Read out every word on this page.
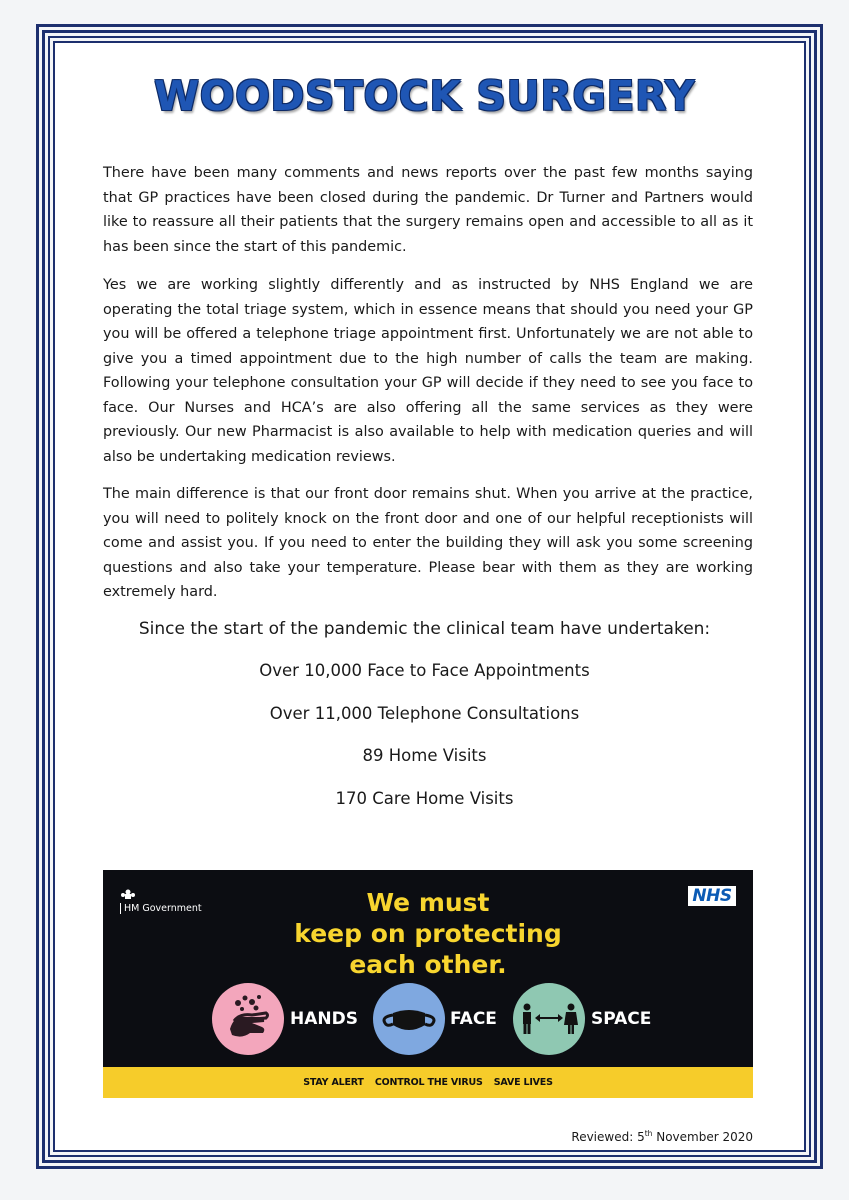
WOODSTOCK SURGERY

There have been many comments and news reports over the past few months saying that GP practices have been closed during the pandemic. Dr Turner and Partners would like to reassure all their patients that the surgery remains open and accessible to all as it has been since the start of this pandemic.

Yes we are working slightly differently and as instructed by NHS England we are operating the total triage system, which in essence means that should you need your GP you will be offered a telephone triage appointment first. Unfortunately we are not able to give you a timed appointment due to the high number of calls the team are making. Following your telephone consultation your GP will decide if they need to see you face to face. Our Nurses and HCA’s are also offering all the same services as they were previously. Our new Pharmacist is also available to help with medication queries and will also be undertaking medication reviews.

The main difference is that our front door remains shut. When you arrive at the practice, you will need to politely knock on the front door and one of our helpful receptionists will come and assist you. If you need to enter the building they will ask you some screening questions and also take your temperature. Please bear with them as they are working extremely hard.

Since the start of the pandemic the clinical team have undertaken:
Over 10,000 Face to Face Appointments
Over 11,000 Telephone Consultations
89 Home Visits
170 Care Home Visits
HM Government
NHS
We must
keep on protecting
each other.
HANDS	FACE	SPACE
STAY ALERT CONTROL THE VIRUS SAVE LIVES
Reviewed: 5th November 2020
